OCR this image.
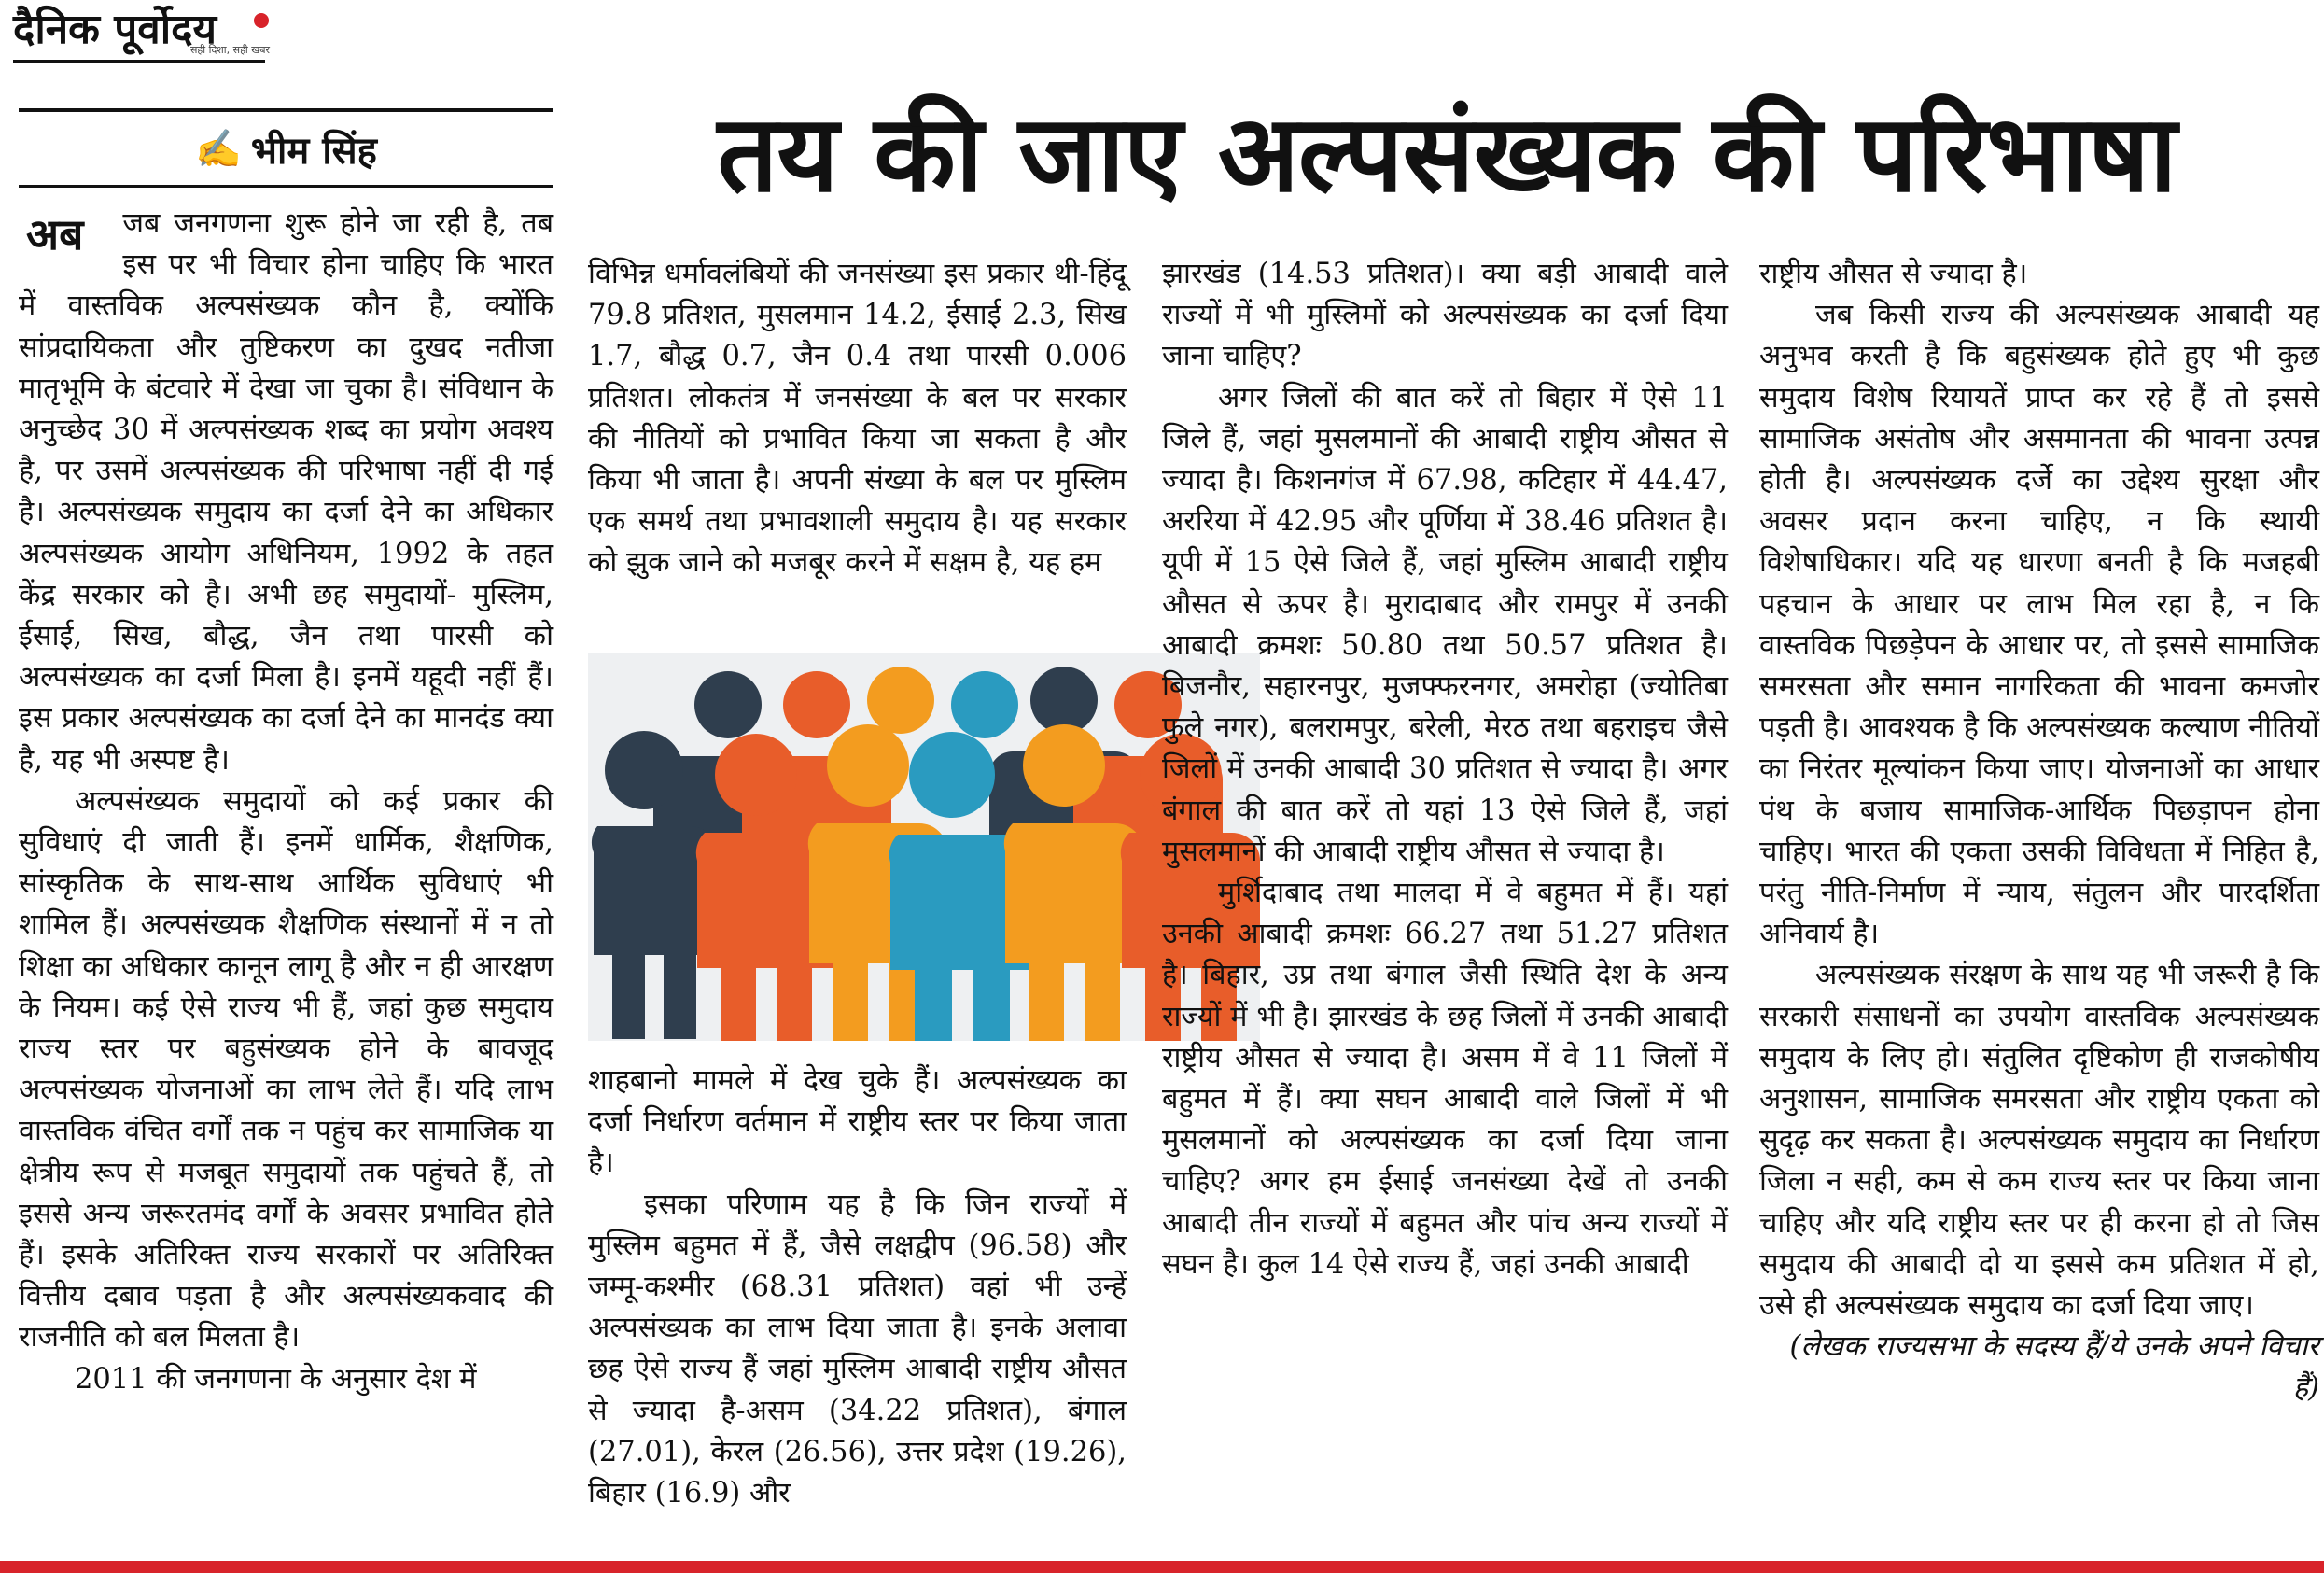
दैनिक पूर्वोदय
सही दिशा, सही खबर
✍ भीम सिंह	तय की जाए अल्पसंख्यक की परिभाषा
अब	जब जनगणना शुरू होने जा रही है, तब इस पर भी विचार होना चाहिए कि भारत में वास्तविक अल्पसंख्यक कौन है, क्योंकि सांप्रदायिकता और तुष्टिकरण का दुखद नतीजा मातृभूमि के बंटवारे में देखा जा चुका है। संविधान के अनुच्छेद 30 में अल्पसंख्यक शब्द का प्रयोग अवश्य है, पर उसमें अल्पसंख्यक की परिभाषा नहीं दी गई है। अल्पसंख्यक समुदाय का दर्जा देने का अधिकार अल्पसंख्यक आयोग अधिनियम, 1992 के तहत केंद्र सरकार को है। अभी छह समुदायों- मुस्लिम, ईसाई, सिख, बौद्ध, जैन तथा पारसी को अल्पसंख्यक का दर्जा मिला है। इनमें यहूदी नहीं हैं। इस प्रकार अल्पसंख्यक का दर्जा देने का मानदंड क्या है, यह भी अस्पष्ट है।

अल्पसंख्यक समुदायों को कई प्रकार की सुविधाएं दी जाती हैं। इनमें धार्मिक, शैक्षणिक, सांस्कृतिक के साथ-साथ आर्थिक सुविधाएं भी शामिल हैं। अल्पसंख्यक शैक्षणिक संस्थानों में न तो शिक्षा का अधिकार कानून लागू है और न ही आरक्षण के नियम। कई ऐसे राज्य भी हैं, जहां कुछ समुदाय राज्य स्तर पर बहुसंख्यक होने के बावजूद अल्पसंख्यक योजनाओं का लाभ लेते हैं। यदि लाभ वास्तविक वंचित वर्गों तक न पहुंच कर सामाजिक या क्षेत्रीय रूप से मजबूत समुदायों तक पहुंचते हैं, तो इससे अन्य जरूरतमंद वर्गों के अवसर प्रभावित होते हैं। इसके अतिरिक्त राज्य सरकारों पर अतिरिक्त वित्तीय दबाव पड़ता है और अल्पसंख्यकवाद की राजनीति को बल मिलता है।

2011 की जनगणना के अनुसार देश में

विभिन्न धर्मावलंबियों की जनसंख्या इस प्रकार थी-हिंदू 79.8 प्रतिशत, मुसलमान 14.2, ईसाई 2.3, सिख 1.7, बौद्ध 0.7, जैन 0.4 तथा पारसी 0.006 प्रतिशत। लोकतंत्र में जनसंख्या के बल पर सरकार की नीतियों को प्रभावित किया जा सकता है और किया भी जाता है। अपनी संख्या के बल पर मुस्लिम एक समर्थ तथा प्रभावशाली समुदाय है। यह सरकार को झुक जाने को मजबूर करने में सक्षम है, यह हम

शाहबानो मामले में देख चुके हैं। अल्पसंख्यक का दर्जा निर्धारण वर्तमान में राष्ट्रीय स्तर पर किया जाता है।

इसका परिणाम यह है कि जिन राज्यों में मुस्लिम बहुमत में हैं, जैसे लक्षद्वीप (96.58) और जम्मू-कश्मीर (68.31 प्रतिशत) वहां भी उन्हें अल्पसंख्यक का लाभ दिया जाता है। इनके अलावा छह ऐसे राज्य हैं जहां मुस्लिम आबादी राष्ट्रीय औसत से ज्यादा है-असम (34.22 प्रतिशत), बंगाल (27.01), केरल (26.56), उत्तर प्रदेश (19.26), बिहार (16.9) और

झारखंड (14.53 प्रतिशत)। क्या बड़ी आबादी वाले राज्यों में भी मुस्लिमों को अल्पसंख्यक का दर्जा दिया जाना चाहिए?

अगर जिलों की बात करें तो बिहार में ऐसे 11 जिले हैं, जहां मुसलमानों की आबादी राष्ट्रीय औसत से ज्यादा है। किशनगंज में 67.98, कटिहार में 44.47, अररिया में 42.95 और पूर्णिया में 38.46 प्रतिशत है। यूपी में 15 ऐसे जिले हैं, जहां मुस्लिम आबादी राष्ट्रीय औसत से ऊपर है। मुरादाबाद और रामपुर में उनकी आबादी क्रमशः 50.80 तथा 50.57 प्रतिशत है। बिजनौर, सहारनपुर, मुजफ्फरनगर, अमरोहा (ज्योतिबा फुले नगर), बलरामपुर, बरेली, मेरठ तथा बहराइच जैसे जिलों में उनकी आबादी 30 प्रतिशत से ज्यादा है। अगर बंगाल की बात करें तो यहां 13 ऐसे जिले हैं, जहां मुसलमानों की आबादी राष्ट्रीय औसत से ज्यादा है।

मुर्शिदाबाद तथा मालदा में वे बहुमत में हैं। यहां उनकी आबादी क्रमशः 66.27 तथा 51.27 प्रतिशत है। बिहार, उप्र तथा बंगाल जैसी स्थिति देश के अन्य राज्यों में भी है। झारखंड के छह जिलों में उनकी आबादी राष्ट्रीय औसत से ज्यादा है। असम में वे 11 जिलों में बहुमत में हैं। क्या सघन आबादी वाले जिलों में भी मुसलमानों को अल्पसंख्यक का दर्जा दिया जाना चाहिए? अगर हम ईसाई जनसंख्या देखें तो उनकी आबादी तीन राज्यों में बहुमत और पांच अन्य राज्यों में सघन है। कुल 14 ऐसे राज्य हैं, जहां उनकी आबादी

राष्ट्रीय औसत से ज्यादा है।

जब किसी राज्य की अल्पसंख्यक आबादी यह अनुभव करती है कि बहुसंख्यक होते हुए भी कुछ समुदाय विशेष रियायतें प्राप्त कर रहे हैं तो इससे सामाजिक असंतोष और असमानता की भावना उत्पन्न होती है। अल्पसंख्यक दर्जे का उद्देश्य सुरक्षा और अवसर प्रदान करना चाहिए, न कि स्थायी विशेषाधिकार। यदि यह धारणा बनती है कि मजहबी पहचान के आधार पर लाभ मिल रहा है, न कि वास्तविक पिछड़ेपन के आधार पर, तो इससे सामाजिक समरसता और समान नागरिकता की भावना कमजोर पड़ती है। आवश्यक है कि अल्पसंख्यक कल्याण नीतियों का निरंतर मूल्यांकन किया जाए। योजनाओं का आधार पंथ के बजाय सामाजिक-आर्थिक पिछड़ापन होना चाहिए। भारत की एकता उसकी विविधता में निहित है, परंतु नीति-निर्माण में न्याय, संतुलन और पारदर्शिता अनिवार्य है।

अल्पसंख्यक संरक्षण के साथ यह भी जरूरी है कि सरकारी संसाधनों का उपयोग वास्तविक अल्पसंख्यक समुदाय के लिए हो। संतुलित दृष्टिकोण ही राजकोषीय अनुशासन, सामाजिक समरसता और राष्ट्रीय एकता को सुदृढ़ कर सकता है। अल्पसंख्यक समुदाय का निर्धारण जिला न सही, कम से कम राज्य स्तर पर किया जाना चाहिए और यदि राष्ट्रीय स्तर पर ही करना हो तो जिस समुदाय की आबादी दो या इससे कम प्रतिशत में हो, उसे ही अल्पसंख्यक समुदाय का दर्जा दिया जाए।

(लेखक राज्यसभा के सदस्य हैं/ये उनके अपने विचार हैं)
